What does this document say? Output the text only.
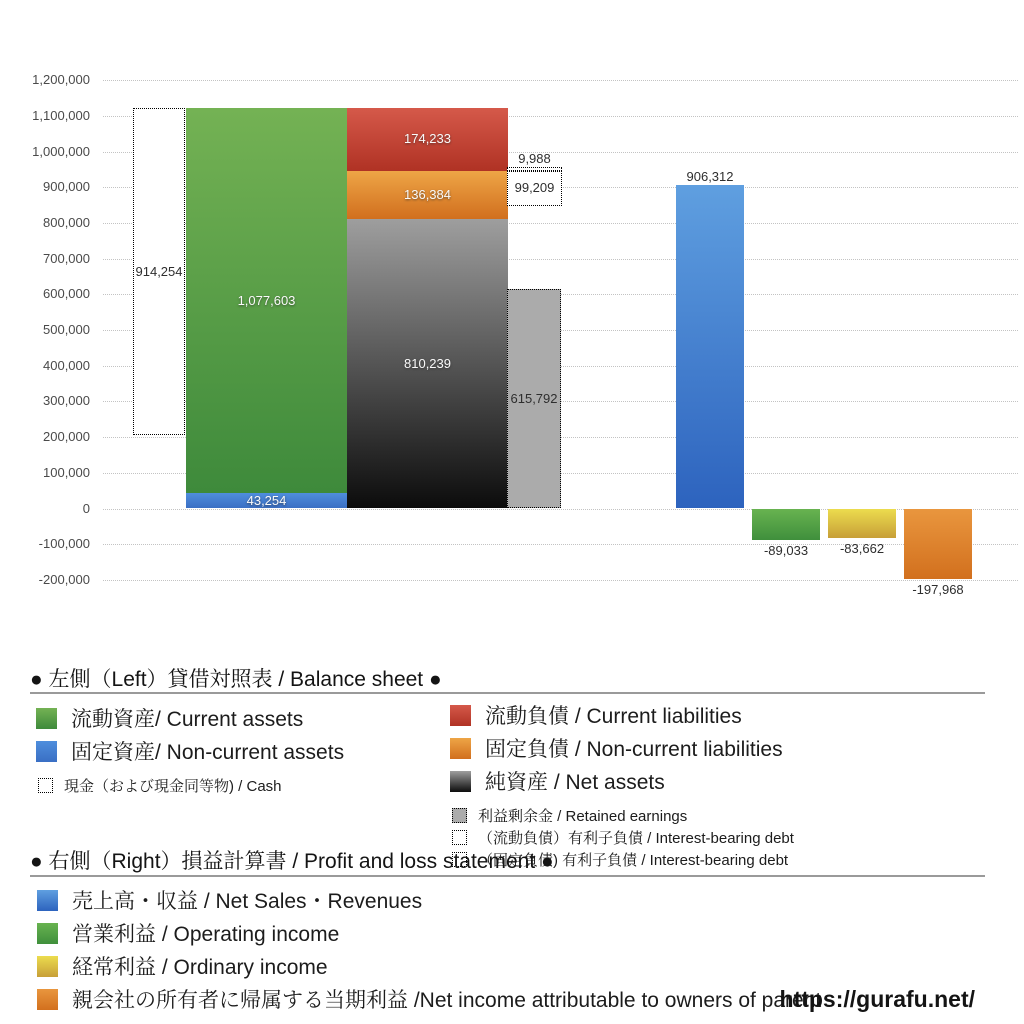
1,200,000
1,100,000
1,000,000
900,000
800,000
700,000
600,000
500,000
400,000
300,000
200,000
100,000
0
-100,000
-200,000
914,254
1,077,603
43,254
174,233
136,384
810,239
9,988
99,209
615,792
906,312
-89,033	-83,662
-197,968
● 左側（Left）貸借対照表 / Balance sheet ●
流動資産/ Current assets
固定資産/ Non-current assets
現金（および現金同等物) / Cash
流動負債 / Current liabilities
固定負債 / Non-current liabilities
純資産 / Net assets
利益剰余金 / Retained earnings
（流動負債）有利子負債 / Interest-bearing debt
（固定負債) 有利子負債 / Interest-bearing debt
● 右側（Right）損益計算書 / Profit and loss statement ●
売上高・収益 / Net Sales・Revenues
営業利益 / Operating income
経常利益 / Ordinary income
親会社の所有者に帰属する当期利益 /Net income attributable to owners of parent
https://gurafu.net/
